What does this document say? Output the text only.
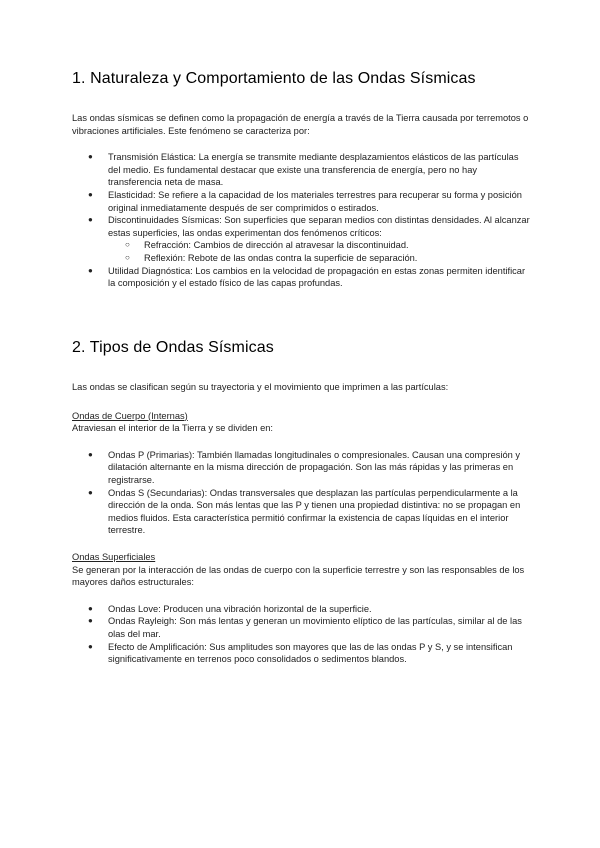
1. Naturaleza y Comportamiento de las Ondas Sísmicas

Las ondas sísmicas se definen como la propagación de energía a través de la Tierra causada por terremotos o vibraciones artificiales. Este fenómeno se caracteriza por:

● Transmisión Elástica: La energía se transmite mediante desplazamientos elásticos de las partículas del medio. Es fundamental destacar que existe una transferencia de energía, pero no hay transferencia neta de masa.
● Elasticidad: Se refiere a la capacidad de los materiales terrestres para recuperar su forma y posición original inmediatamente después de ser comprimidos o estirados.
● Discontinuidades Sísmicas: Son superficies que separan medios con distintas densidades. Al alcanzar estas superficies, las ondas experimentan dos fenómenos críticos:
○ Refracción: Cambios de dirección al atravesar la discontinuidad.
○ Reflexión: Rebote de las ondas contra la superficie de separación.
● Utilidad Diagnóstica: Los cambios en la velocidad de propagación en estas zonas permiten identificar la composición y el estado físico de las capas profundas.
2. Tipos de Ondas Sísmicas

Las ondas se clasifican según su trayectoria y el movimiento que imprimen a las partículas:

Ondas de Cuerpo (Internas)

Atraviesan el interior de la Tierra y se dividen en:

● Ondas P (Primarias): También llamadas longitudinales o compresionales. Causan una compresión y dilatación alternante en la misma dirección de propagación. Son las más rápidas y las primeras en registrarse.
● Ondas S (Secundarias): Ondas transversales que desplazan las partículas perpendicularmente a la dirección de la onda. Son más lentas que las P y tienen una propiedad distintiva: no se propagan en medios fluidos. Esta característica permitió confirmar la existencia de capas líquidas en el interior terrestre.

Ondas Superficiales

Se generan por la interacción de las ondas de cuerpo con la superficie terrestre y son las responsables de los mayores daños estructurales:

● Ondas Love: Producen una vibración horizontal de la superficie.
● Ondas Rayleigh: Son más lentas y generan un movimiento elíptico de las partículas, similar al de las olas del mar.
● Efecto de Amplificación: Sus amplitudes son mayores que las de las ondas P y S, y se intensifican significativamente en terrenos poco consolidados o sedimentos blandos.
